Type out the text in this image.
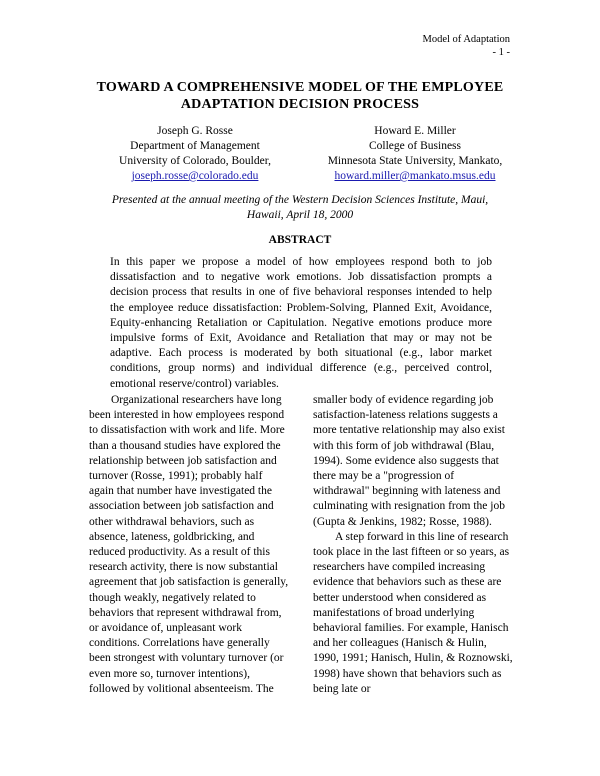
Model of Adaptation
- 1 -
TOWARD A COMPREHENSIVE MODEL OF THE EMPLOYEE
ADAPTATION DECISION PROCESS
Joseph G. Rosse
Department of Management
University of Colorado, Boulder,
joseph.rosse@colorado.edu
Howard E. Miller
College of Business
Minnesota State University, Mankato,
howard.miller@mankato.msus.edu
Presented at the annual meeting of the Western Decision Sciences Institute, Maui,
Hawaii, April 18, 2000
ABSTRACT
In this paper we propose a model of how employees respond both to job dissatisfaction and to negative work emotions. Job dissatisfaction prompts a decision process that results in one of five behavioral responses intended to help the employee reduce dissatisfaction: Problem-Solving, Planned Exit, Avoidance, Equity-enhancing Retaliation or Capitulation. Negative emotions produce more impulsive forms of Exit, Avoidance and Retaliation that may or may not be adaptive. Each process is moderated by both situational (e.g., labor market conditions, group norms) and individual difference (e.g., perceived control, emotional reserve/control) variables.

Organizational researchers have long been interested in how employees respond to dissatisfaction with work and life. More than a thousand studies have explored the relationship between job satisfaction and turnover (Rosse, 1991); probably half again that number have investigated the association between job satisfaction and other withdrawal behaviors, such as absence, lateness, goldbricking, and reduced productivity. As a result of this research activity, there is now substantial agreement that job satisfaction is generally, though weakly, negatively related to behaviors that represent withdrawal from, or avoidance of, unpleasant work conditions. Correlations have generally been strongest with voluntary turnover (or even more so, turnover intentions), followed by volitional absenteeism. The

smaller body of evidence regarding job satisfaction-lateness relations suggests a more tentative relationship may also exist with this form of job withdrawal (Blau, 1994). Some evidence also suggests that there may be a "progression of withdrawal" beginning with lateness and culminating with resignation from the job (Gupta & Jenkins, 1982; Rosse, 1988).

A step forward in this line of research took place in the last fifteen or so years, as researchers have compiled increasing evidence that behaviors such as these are better understood when considered as manifestations of broad underlying behavioral families. For example, Hanisch and her colleagues (Hanisch & Hulin, 1990, 1991; Hanisch, Hulin, & Roznowski, 1998) have shown that behaviors such as being late or
